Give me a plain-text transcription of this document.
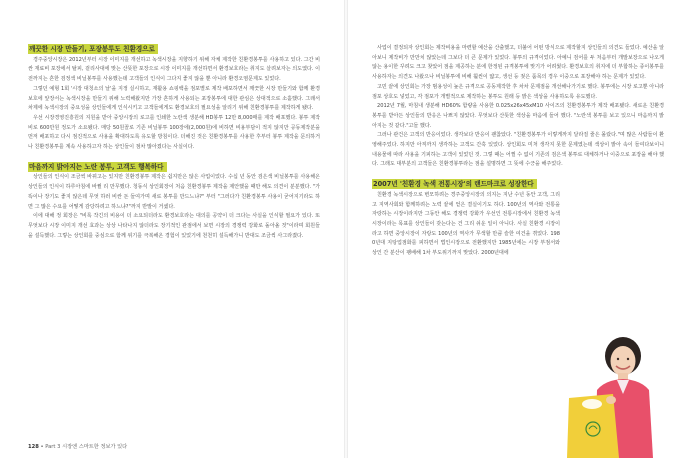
깨끗한 시장 만들기, 포장봉투도 친환경으로

경주중앙시장은 2012년부터 시장 이미지를 개선하고 녹색시장을 지향하기 위해 자체 제작한 친환경봉투를 사용하고 있다. 그간 비싼 재료비 포장에서 탈피, 겉리사대에 맞는 산뜻한 포장으로 시장 이미지를 개선하면서 환경보호라는 취지도 살려보자는 의도였다. 이전까지는 흔한 검정색 비닐봉투를 사용했는데 고객들의 인식이 그다지 좋지 않을 뿐 아니라 환경오염문제도 있었다.

그렇던 예형 1회 '시장 대청소의 날'을 지정 실시하고, 재활용 쇼핑백을 점포별로 제작 배포하면서 깨끗한 시장 만들기와 함께 환경보호에 앞장서는 녹색시장을 만들기 위해 노력해왔지만 가장 흔하게 사용되는 포장봉투에 대한 관심은 상대적으로 소홀했다. 그래서 차제에 녹색시장의 중요성을 상인들에게 인식시키고 고객들에게도 환경보호의 필요성을 알리기 위해 친환경봉투를 제작하게 됐다.

우선 시장경영진흥원의 지원을 받아 중앙시장의 로고를 인쇄한 노란색 생분해 HD봉투 12만 8,000매를 제작 배포했다. 봉투 제작비로 600만원 정도가 소요됐다. 매당 50원꼴로 기존 비닐봉투 100장에(2,000원)에 비하면 비용부담이 적지 않지만 공동제작분을 먼저 배포하고 다시 점진적으로 사용을 확대하도록 유도할 방침이다. 더해진 것은 친환경봉투를 사용한 후부터 봉투 제작을 문의하거나 친환경봉투를 계속 사용하고자 하는 상인들이 점차 많아졌다는 사실이다.

마음까지 밝아지는 노란 봉투, 고객도 행복하다

상인들의 인식이 조금씩 바뀌고는 있지만 친환경봉투 제작은 쉽지만은 않은 사업이었다. 수십 년 동안 검은색 비닐봉투를 사용해온 상인들의 인식이 하루아침에 바뀔 리 만무했다. 청동식 상인회장이 처음 친환경봉투 제작을 제안했을 때만 해도 의견이 분분했다. "가뜩이나 장기도 좋지 않은데 무엇 하러 비싼 돈 들여가며 새로 봉투를 만드느냐?" 부터 "그러다가 친환경봉투 사용이 굳어지기라도 하면 그 많은 수요를 어떻게 감당하려고 하느냐?"까지 반발이 거셌다.

이에 대해 정 회장은 "비록 작긴의 비용이 더 소요되더라도 환경보호라는 대의를 공약이 더 크다는 사실을 인식할 필요가 있다. 또 무엇보다 시장 이미지 개선 효과는 상상 나타나지 않더라도 장기적인 관점에서 보면 시장의 경쟁력 강화로 돌아올 것"이라며 회원들을 설득했다. 그렇는 상인회를 중심으로 함께 위기를 극복해온 경험이 있었기에 천천히 설득해가니 반대도 조금씩 사그라졌다.

사업이 결정되자 상인회는 제작비용을 마련할 예산을 산출했고, 더불어 어떤 방식으로 제작할지 상인들의 의견도 들었다. 예산을 알아보니 제작비가 만만치 않았는데 그보다 더 큰 문제가 있었다. 봉투의 규격이었다. 아예니 검어를 두 처음부터 개발보장으로 나오게 않는 용이한 꾸려도 크고 찾았어 점을 제공하는 분에 한정된 규격봉투에 맞기가 어려웠다. 환경보호의 취지에 더 부합하는 종이봉투를 사용하자는 의견도 나왔으나 비닐봉투에 비해 훨씬이 얇고, 생선 등 젖은 품목의 경우 이중으로 포장해야 하는 문제가 있었다.

고민 끝에 상인회는 가장 범용성이 높은 규격으로 공동제작한 후 차차 문제점을 개선해나가기로 했다. 봉투에는 시장 로고뿐 아니라 점포 상호도 넣었고, 각 점포가 개별적으로 제작하는 봉투도 원래 등 밝은 색상을 사용하도록 유도했다.

2012년 7월, 마침내 생분해 HD60% 함량을 사용한 0.025x26x45xM10 사이즈의 친환경봉투가 제작 배포됐다. 새로운 친환경봉투를 받아든 상인들의 반응은 나쁘지 않았다. 무엇보다 산뜻한 색상을 마음에 들어 했다. "노란색 봉투를 보고 있으니 마음까지 밝아지는 것 같다."고들 했다.

그러나 관건은 고객의 반응이었다. 생각보다 반응이 괜찮았다. "친환경봉투가 이렇게까지 달라질 줄은 몰랐다."며 많은 사람들이 환영해주었다. 하지만 아직까지 생각하는 고객도 간혹 있었다. 상인회도 미처 생각지 못한 문제였는데 색상이 밝아 속이 들여다보이니 내용물에 따라 사용을 기피하는 고객이 있었던 것. 그렇 때는 어쩔 수 없이 기존의 검은색 봉투로 대체하거나 이중으로 포장을 해야 했다. 그래도 대부분의 고객들은 친환경봉투라는 점을 설명하면 그 뜻에 수긍을 해주었다.

2007년 '친환경 녹색 전통시장'의 랜드마크로 성장한다

친환경 녹색시장으로 변모하려는 경주중앙시장의 의지는 지난 수년 동안 고객, 그리고 지역사회와 함께하려는 노력 끝에 얻은 결실이기도 하다. 100년의 역사와 전통을 자랑하는 시장이라지만 그동안 해도 경쟁력 강화가 우선인 전통시장에서 친환경 녹색시장이라는 목표를 상인들이 갖는다는 건 그리 쉬운 일이 아니다. 사실 친환경 시장이라고 하면 중앙시장이 자랑도 100년의 역사가 무색할 만큼 슬한 여건을 겪었다. 1980년대 지탕업점화를 피하면서 법인시장으로 전환했지만 1985년에는 시장 부점서와 상인 간 분산이 팽배해 1차 부도위기까지 맞았다. 2000년대에

128 • Part 3 시장엔 스마트한 정보가 있다
